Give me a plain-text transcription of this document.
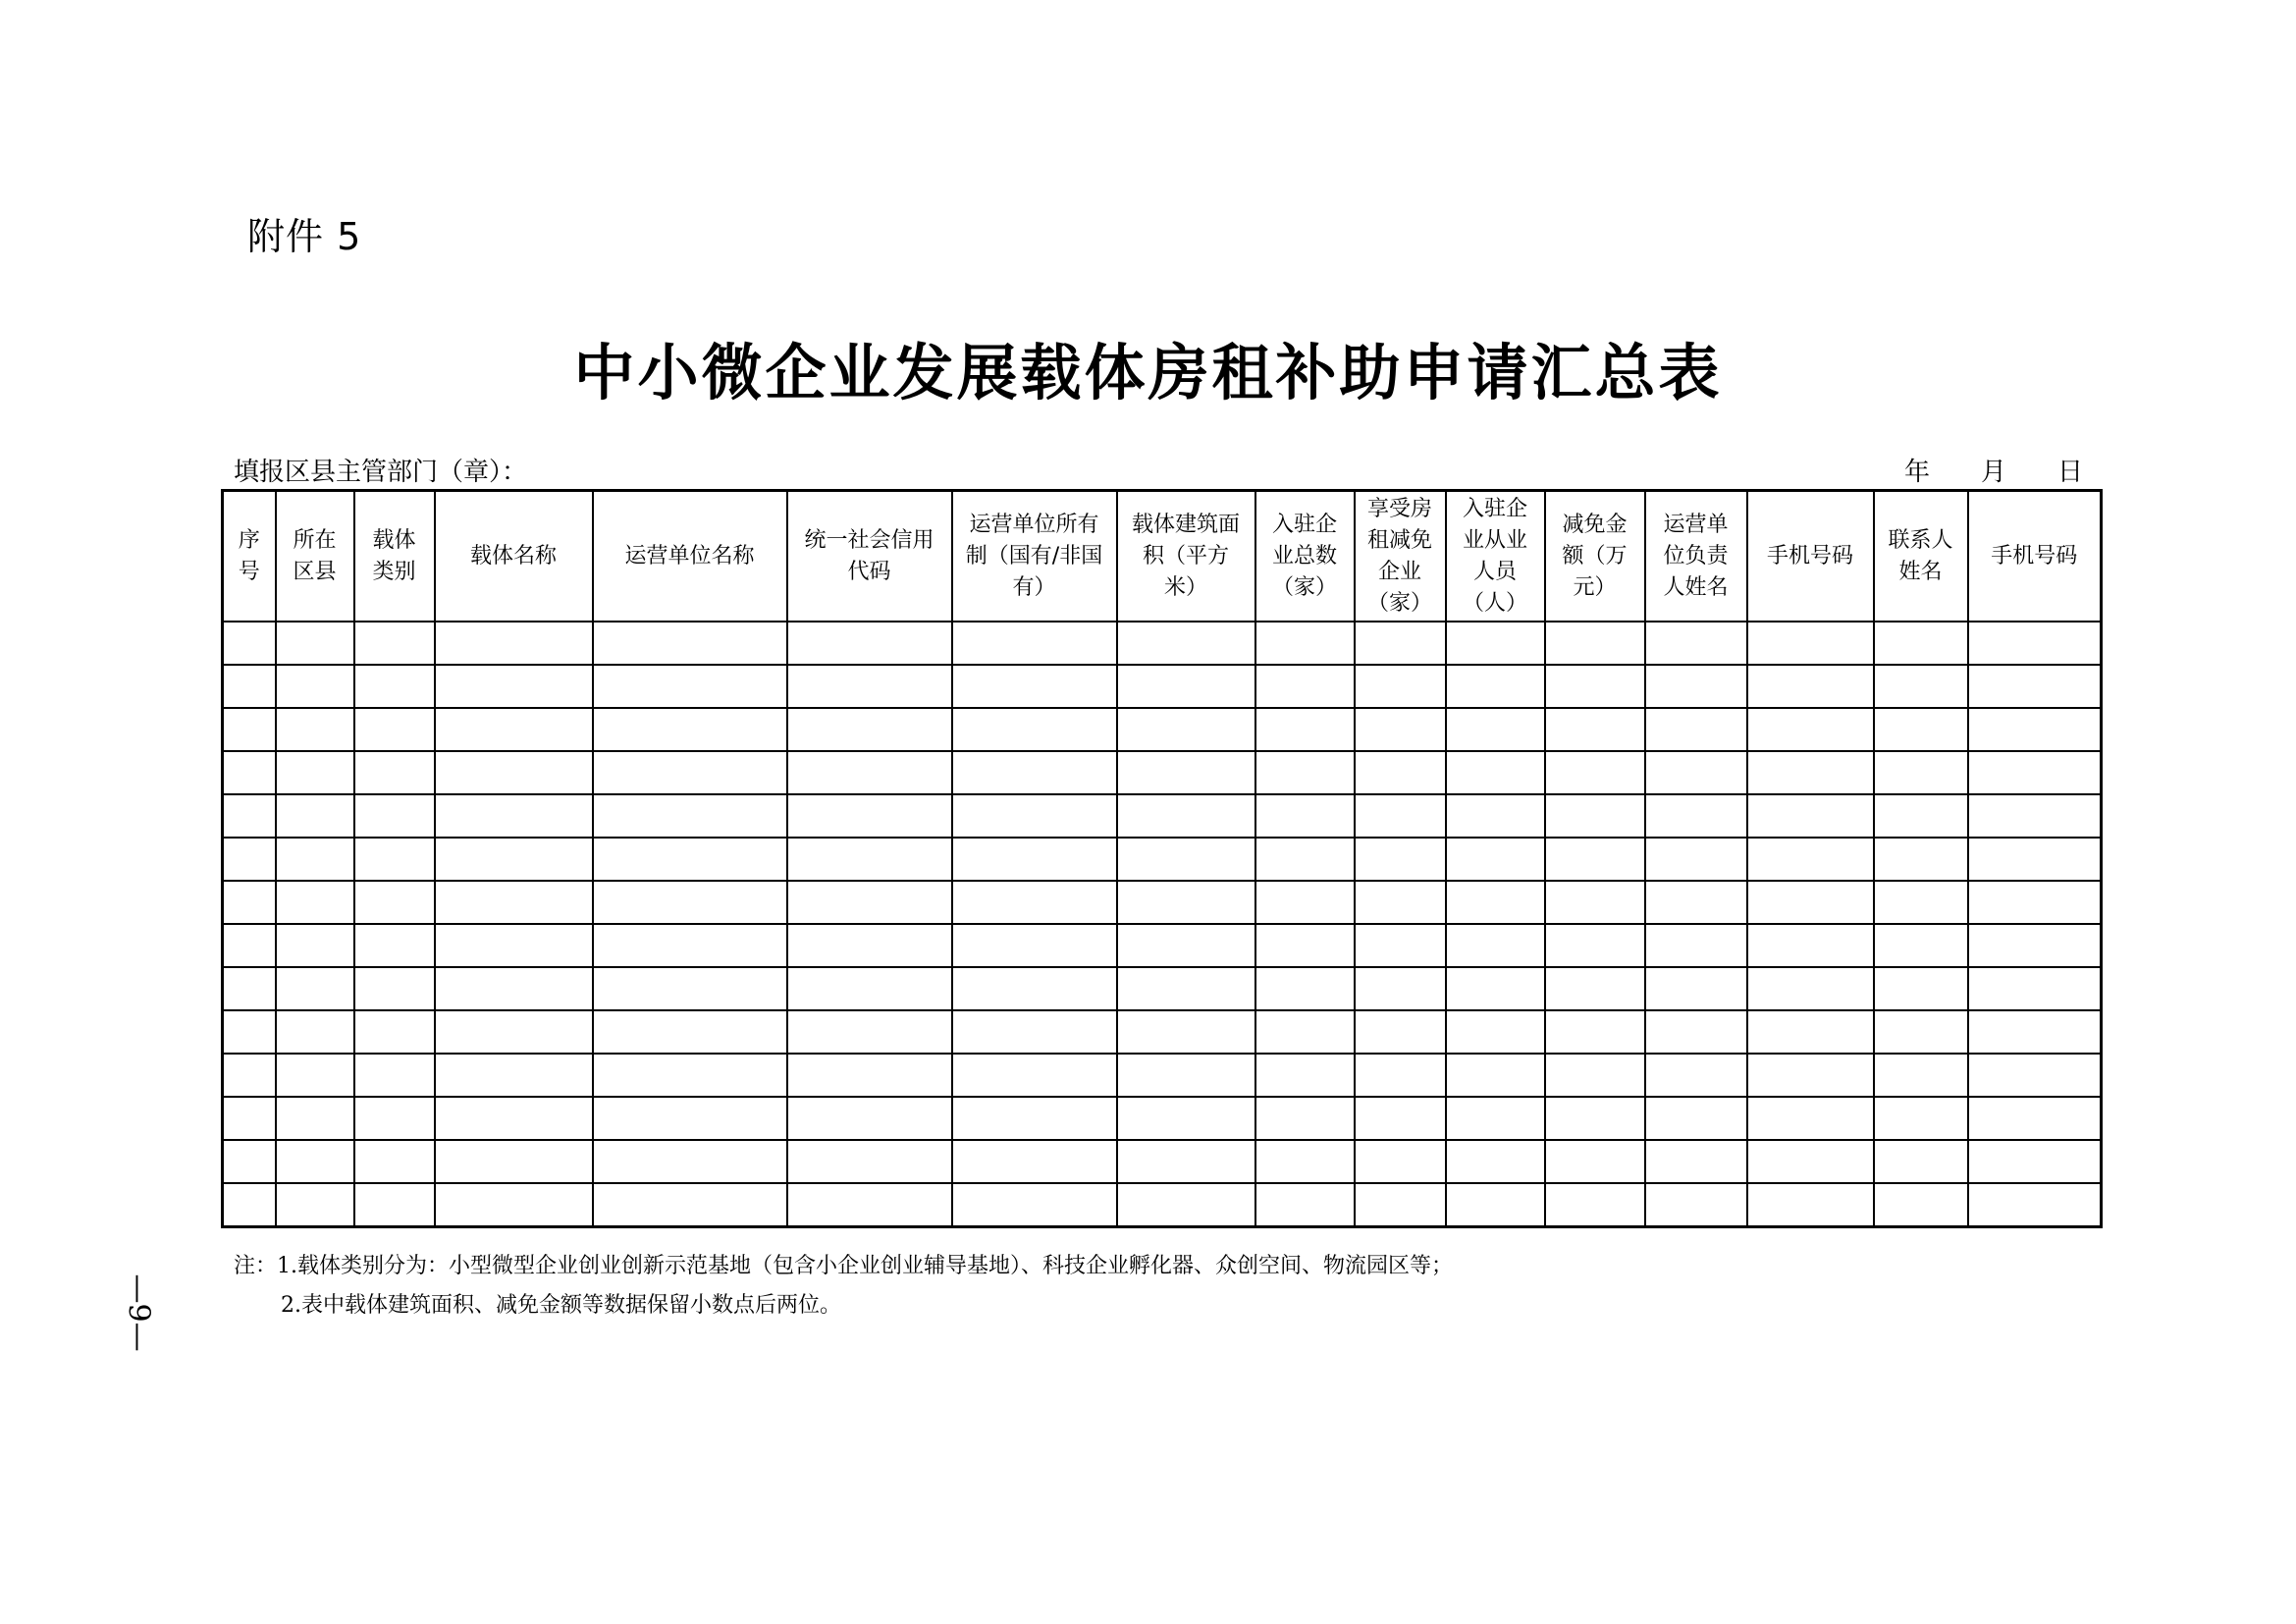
附件 5
中小微企业发展载体房租补助申请汇总表
填报区县主管部门（章）：	年 月 日
序号	所在区县	载体类别	载体名称	运营单位名称	统一社会信用代码	运营单位所有制（国有/非国有）	载体建筑面积（平方米）	入驻企业总数（家）	享受房租减免企业（家）	入驻企业从业人员（人）	减免金额（万元）	运营单位负责人姓名	手机号码	联系人姓名	手机号码

注：1.载体类别分为：小型微型企业创业创新示范基地（包含小企业创业辅导基地）、科技企业孵化器、众创空间、物流园区等；
2.表中载体建筑面积、减免金额等数据保留小数点后两位。
—9—
